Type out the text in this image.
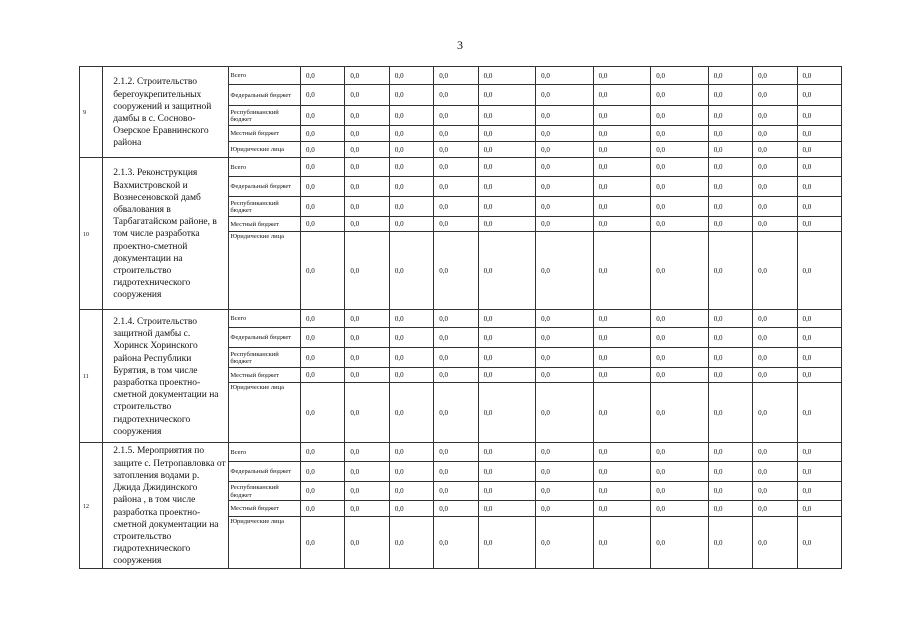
3
9	2.1.2. Строительство берегоукрепительных сооружений и защитной дамбы в с. Сосново-Озерское Еравнинского района	Всего	0,0	0,0	0,0	0,0	0,0	0,0	0,0	0,0	0,0	0,0	0,0
		Федеральный бюджет	0,0	0,0	0,0	0,0	0,0	0,0	0,0	0,0	0,0	0,0	0,0
		Республиканский бюджет	0,0	0,0	0,0	0,0	0,0	0,0	0,0	0,0	0,0	0,0	0,0
		Местный бюджет	0,0	0,0	0,0	0,0	0,0	0,0	0,0	0,0	0,0	0,0	0,0
		Юридические лица	0,0	0,0	0,0	0,0	0,0	0,0	0,0	0,0	0,0	0,0	0,0
10	2.1.3. Реконструкция Вахмистровской и Вознесеновской дамб обвалования в Тарбагатайском районе, в том числе разработка проектно-сметной документации на строительство гидротехнического сооружения	Всего	0,0	0,0	0,0	0,0	0,0	0,0	0,0	0,0	0,0	0,0	0,0
		Федеральный бюджет	0,0	0,0	0,0	0,0	0,0	0,0	0,0	0,0	0,0	0,0	0,0
		Республиканский бюджет	0,0	0,0	0,0	0,0	0,0	0,0	0,0	0,0	0,0	0,0	0,0
		Местный бюджет	0,0	0,0	0,0	0,0	0,0	0,0	0,0	0,0	0,0	0,0	0,0
		Юридические лица	0,0	0,0	0,0	0,0	0,0	0,0	0,0	0,0	0,0	0,0	0,0
11	2.1.4. Строительство защитной дамбы с. Хоринск Хоринского района Республики Бурятия, в том числе разработка проектно-сметной документации на строительство гидротехнического сооружения	Всего	0,0	0,0	0,0	0,0	0,0	0,0	0,0	0,0	0,0	0,0	0,0
		Федеральный бюджет	0,0	0,0	0,0	0,0	0,0	0,0	0,0	0,0	0,0	0,0	0,0
		Республиканский бюджет	0,0	0,0	0,0	0,0	0,0	0,0	0,0	0,0	0,0	0,0	0,0
		Местный бюджет	0,0	0,0	0,0	0,0	0,0	0,0	0,0	0,0	0,0	0,0	0,0
		Юридические лица	0,0	0,0	0,0	0,0	0,0	0,0	0,0	0,0	0,0	0,0	0,0
12	2.1.5. Мероприятия по защите с. Петропавловка от затопления водами р. Джида Джидинского района , в том числе разработка проектно-сметной документации на строительство гидротехнического сооружения	Всего	0,0	0,0	0,0	0,0	0,0	0,0	0,0	0,0	0,0	0,0	0,0
		Федеральный бюджет	0,0	0,0	0,0	0,0	0,0	0,0	0,0	0,0	0,0	0,0	0,0
		Республиканский бюджет	0,0	0,0	0,0	0,0	0,0	0,0	0,0	0,0	0,0	0,0	0,0
		Местный бюджет	0,0	0,0	0,0	0,0	0,0	0,0	0,0	0,0	0,0	0,0	0,0
		Юридические лица	0,0	0,0	0,0	0,0	0,0	0,0	0,0	0,0	0,0	0,0	0,0
